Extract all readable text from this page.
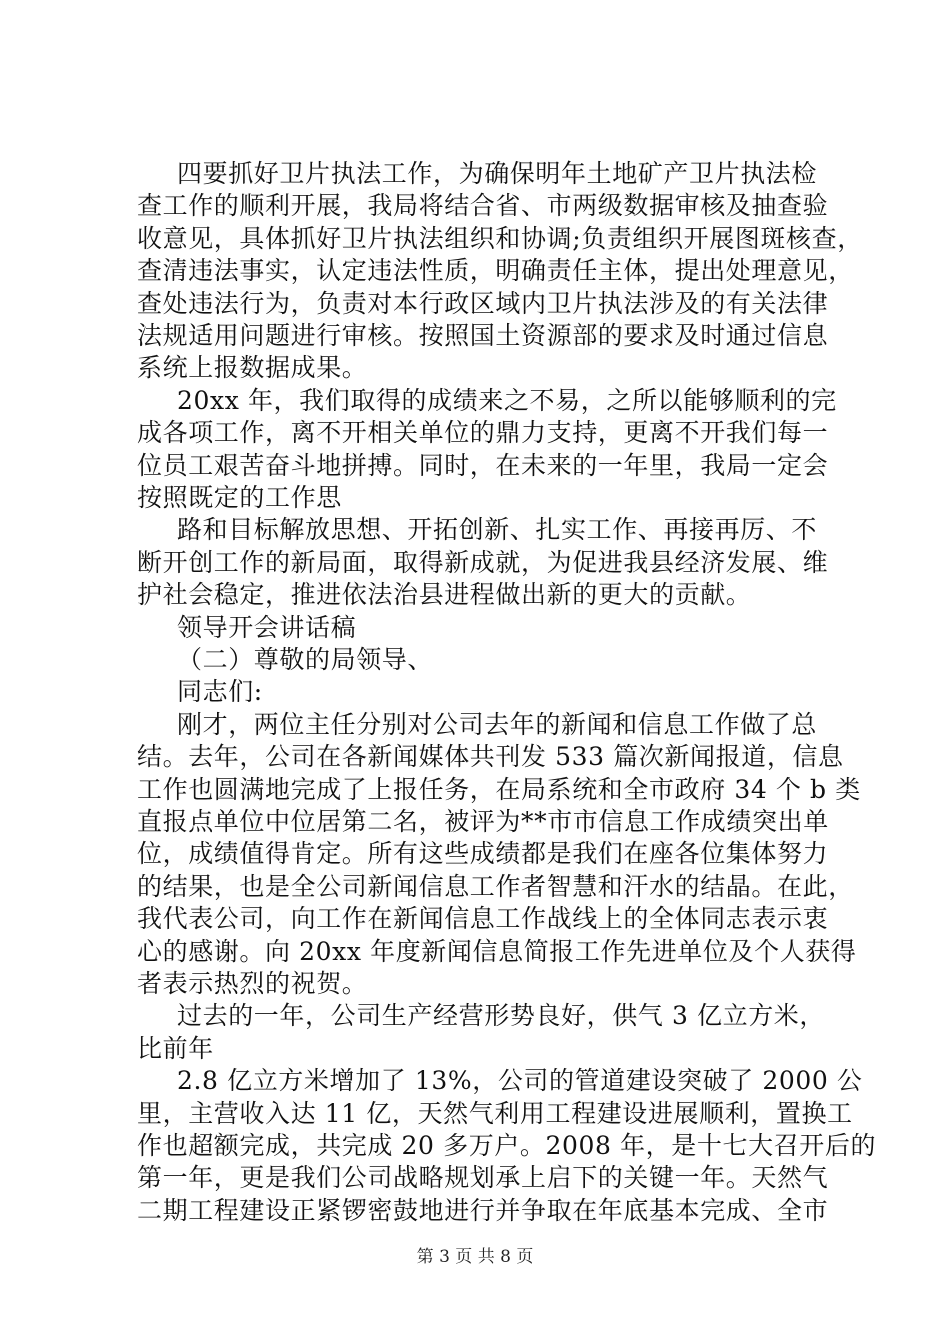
四要抓好卫片执法工作，为确保明年土地矿产卫片执法检
查工作的顺利开展，我局将结合省、市两级数据审核及抽查验
收意见，具体抓好卫片执法组织和协调;负责组织开展图斑核查，
查清违法事实，认定违法性质，明确责任主体，提出处理意见，
查处违法行为，负责对本行政区域内卫片执法涉及的有关法律
法规适用问题进行审核。按照国土资源部的要求及时通过信息
系统上报数据成果。
20xx 年，我们取得的成绩来之不易，之所以能够顺利的完
成各项工作，离不开相关单位的鼎力支持，更离不开我们每一
位员工艰苦奋斗地拼搏。同时，在未来的一年里，我局一定会
按照既定的工作思
路和目标解放思想、开拓创新、扎实工作、再接再厉、不
断开创工作的新局面，取得新成就，为促进我县经济发展、维
护社会稳定，推进依法治县进程做出新的更大的贡献。
领导开会讲话稿
（二）尊敬的局领导、
同志们:
刚才，两位主任分别对公司去年的新闻和信息工作做了总
结。去年，公司在各新闻媒体共刊发 533 篇次新闻报道，信息
工作也圆满地完成了上报任务，在局系统和全市政府 34 个 b 类
直报点单位中位居第二名，被评为**市市信息工作成绩突出单
位，成绩值得肯定。所有这些成绩都是我们在座各位集体努力
的结果，也是全公司新闻信息工作者智慧和汗水的结晶。在此，
我代表公司，向工作在新闻信息工作战线上的全体同志表示衷
心的感谢。向 20xx 年度新闻信息简报工作先进单位及个人获得
者表示热烈的祝贺。
过去的一年，公司生产经营形势良好，供气 3 亿立方米，
比前年
2.8 亿立方米增加了 13%，公司的管道建设突破了 2000 公
里，主营收入达 11 亿，天然气利用工程建设进展顺利，置换工
作也超额完成，共完成 20 多万户。2008 年，是十七大召开后的
第 3 页 共 8 页
第一年，更是我们公司战略规划承上启下的关键一年。天然气
二期工程建设正紧锣密鼓地进行并争取在年底基本完成、全市
